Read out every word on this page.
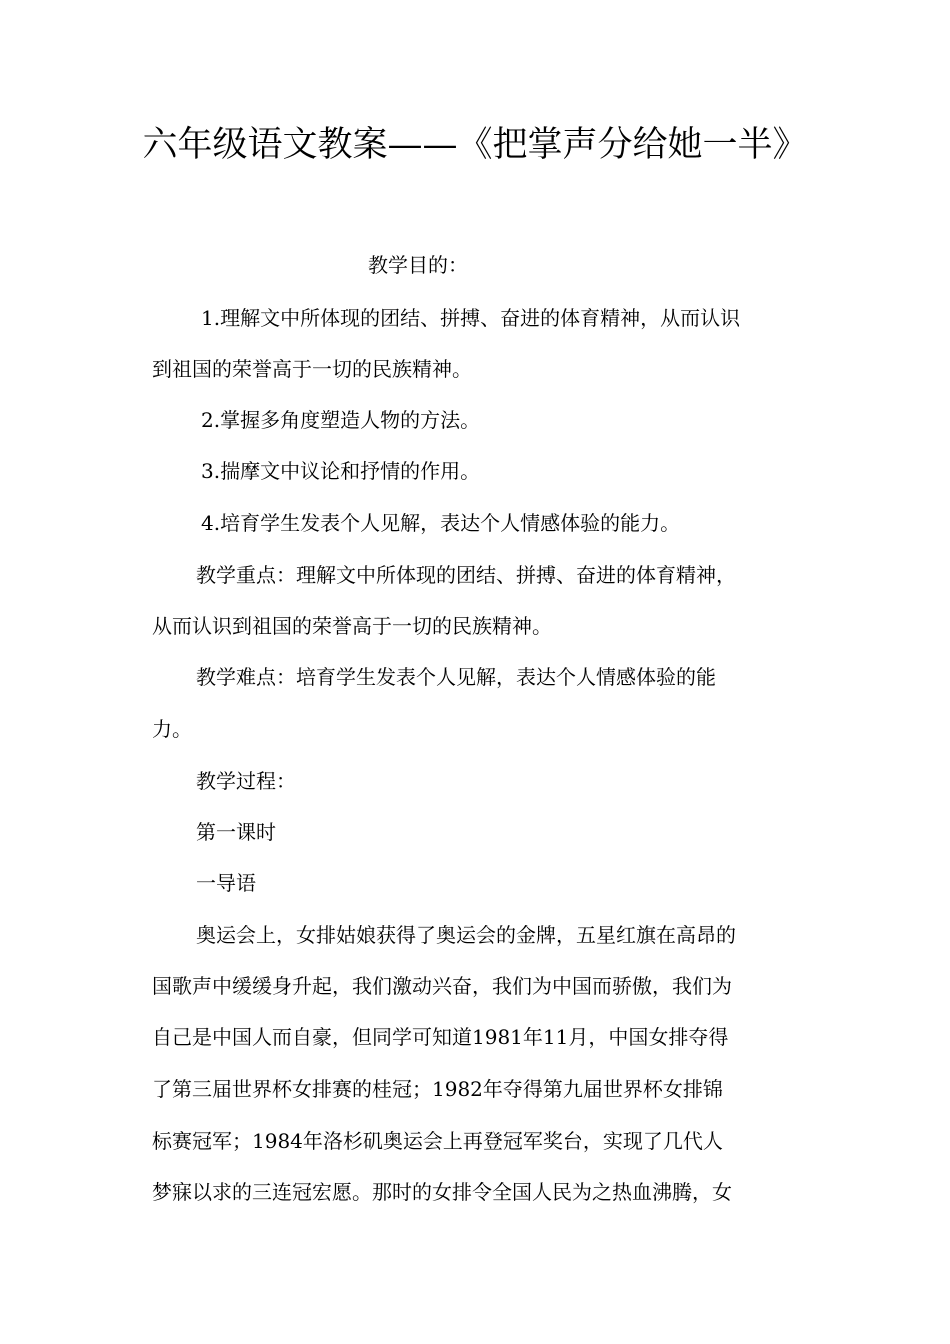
六年级语文教案——《把掌声分给她一半》
教学目的：
1.理解文中所体现的团结、拼搏、奋进的体育精神，从而认识
到祖国的荣誉高于一切的民族精神。
2.掌握多角度塑造人物的方法。
3.揣摩文中议论和抒情的作用。
4.培育学生发表个人见解，表达个人情感体验的能力。
教学重点：理解文中所体现的团结、拼搏、奋进的体育精神，
从而认识到祖国的荣誉高于一切的民族精神。
教学难点：培育学生发表个人见解，表达个人情感体验的能
力。
教学过程：
第一课时
一导语
奥运会上，女排姑娘获得了奥运会的金牌，五星红旗在高昂的
国歌声中缓缓身升起，我们激动兴奋，我们为中国而骄傲，我们为
自己是中国人而自豪，但同学可知道1981年11月，中国女排夺得
了第三届世界杯女排赛的桂冠；1982年夺得第九届世界杯女排锦
标赛冠军；1984年洛杉矶奥运会上再登冠军奖台，实现了几代人
梦寐以求的三连冠宏愿。那时的女排令全国人民为之热血沸腾，女
